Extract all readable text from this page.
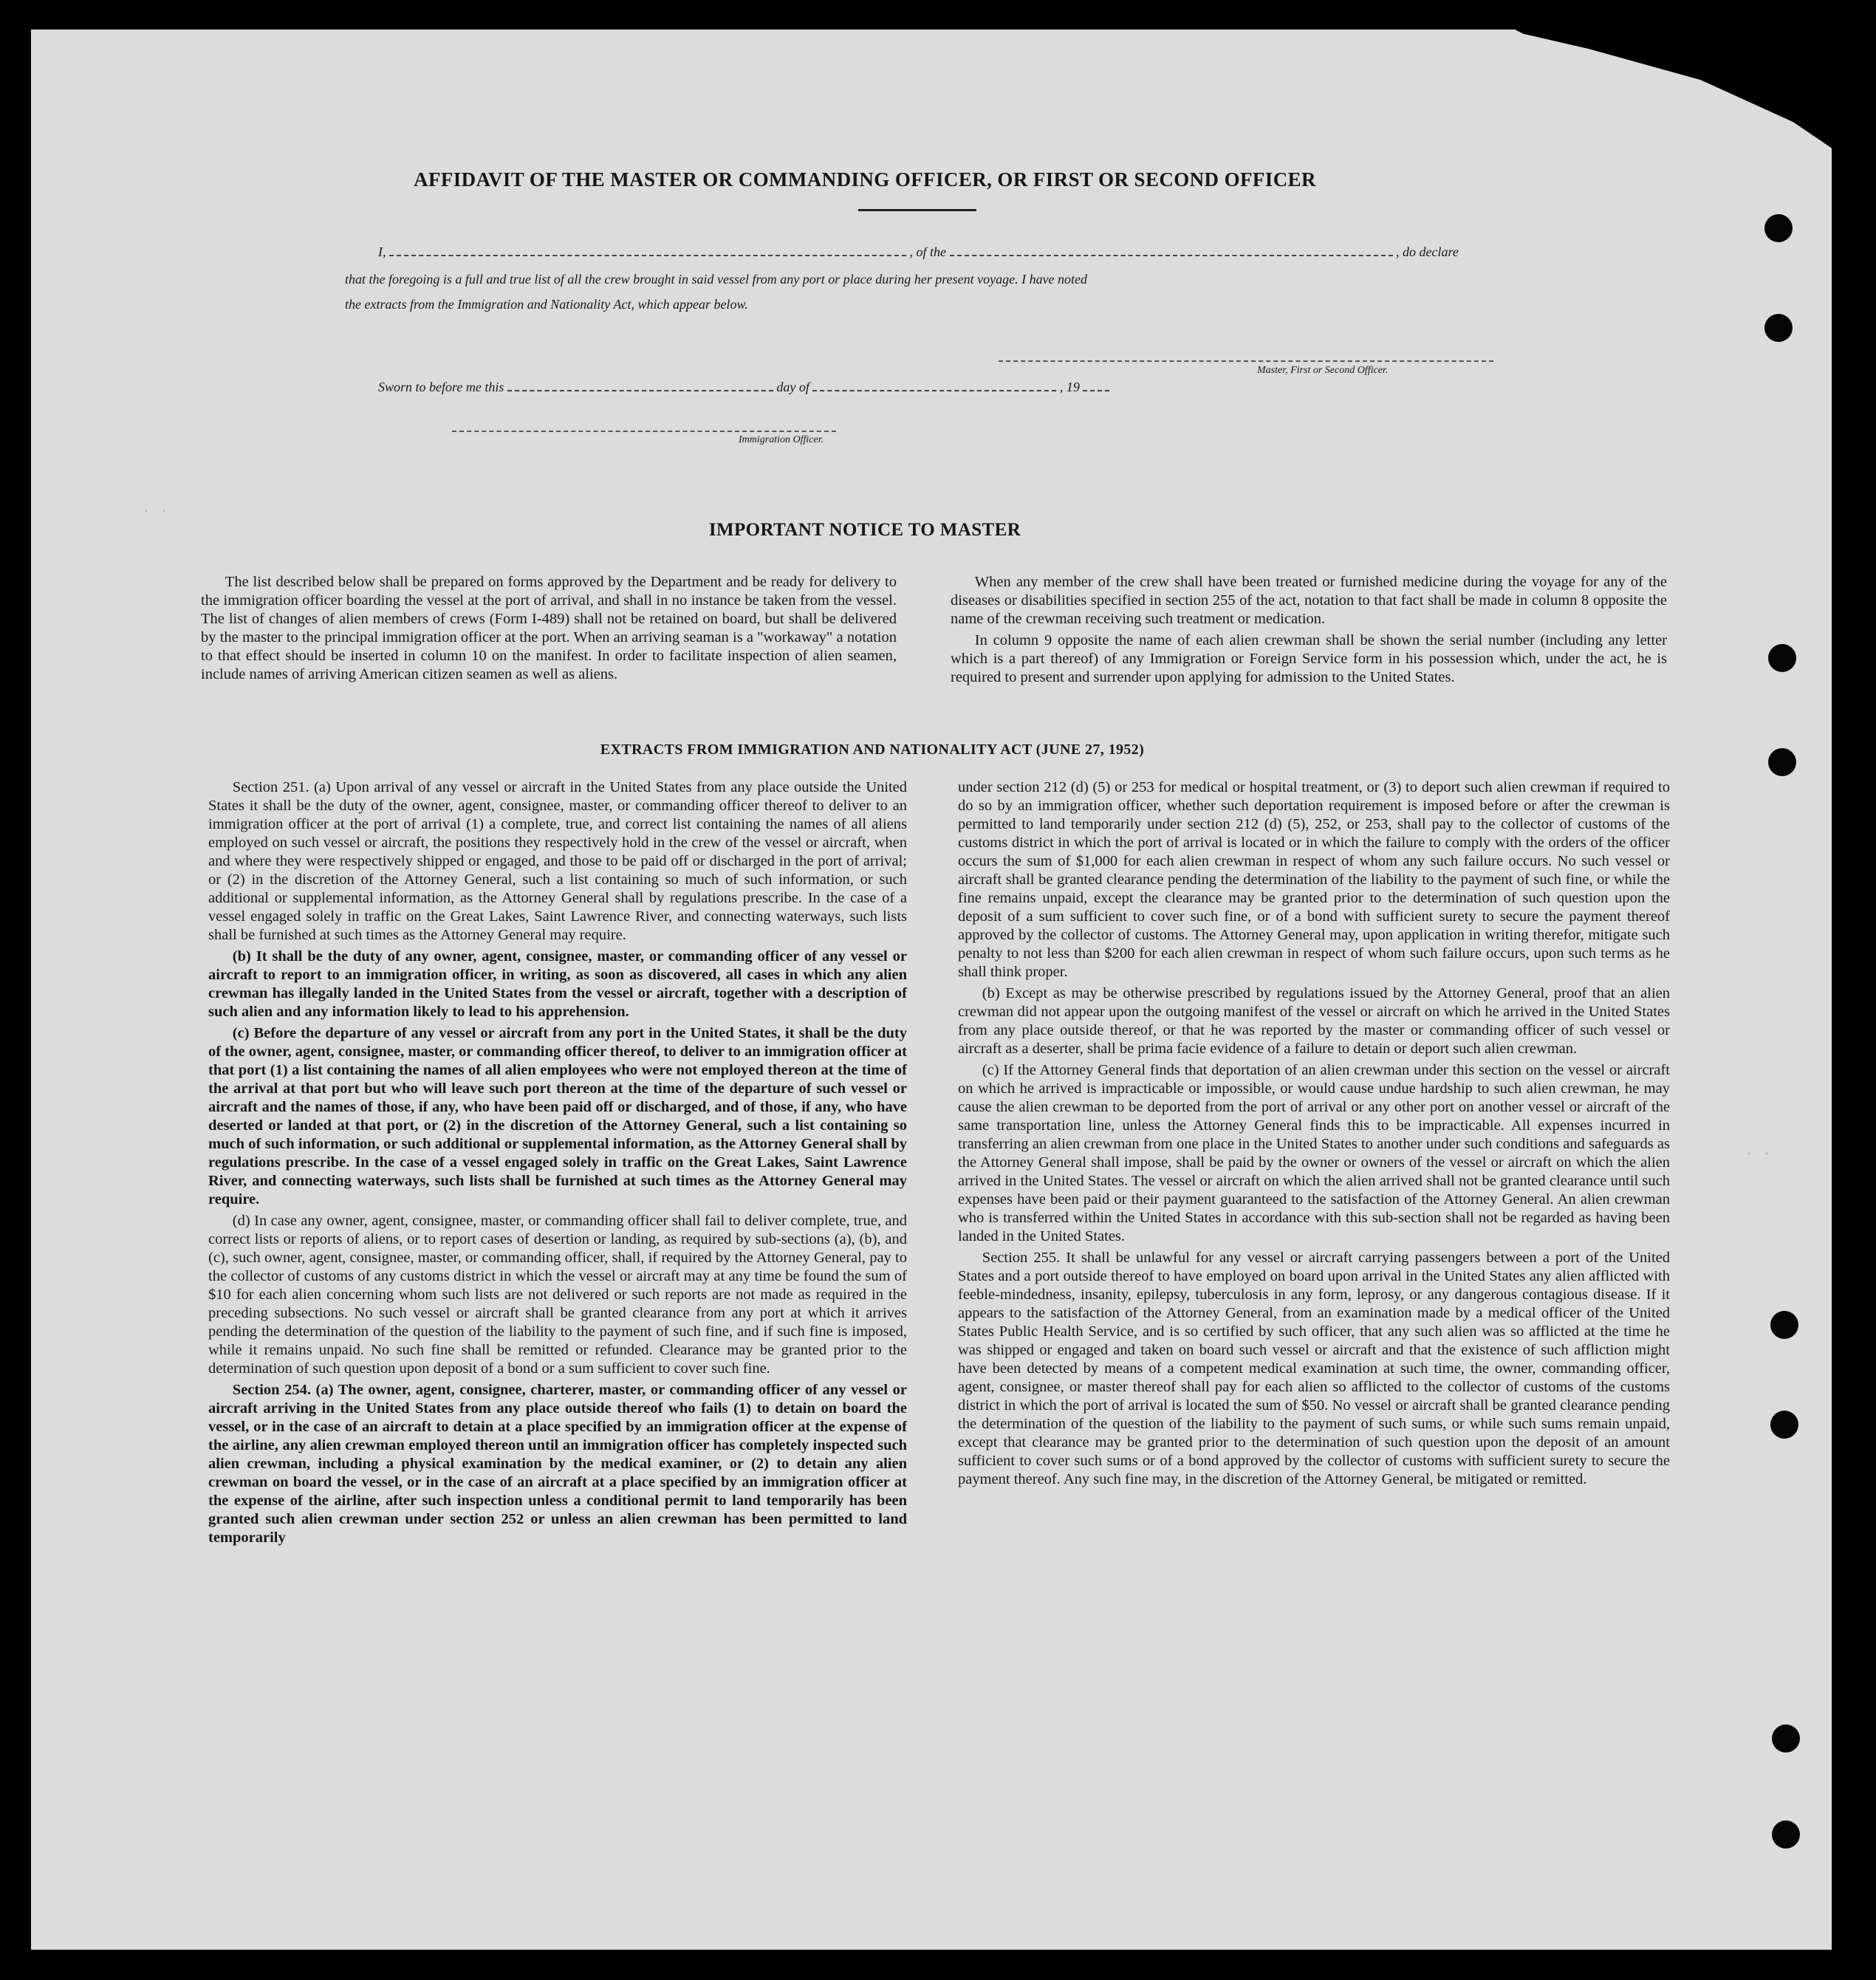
· ·
· ·
AFFIDAVIT OF THE MASTER OR COMMANDING OFFICER, OR FIRST OR SECOND OFFICER
I,	, of the	, do declare
that the foregoing is a full and true list of all the crew brought in said vessel from any port or place during her present voyage. I have noted
the extracts from the Immigration and Nationality Act, which appear below.
Master, First or Second Officer.
Sworn to before me this	day of	, 19
Immigration Officer.
IMPORTANT NOTICE TO MASTER

The list described below shall be prepared on forms approved by the Department and be ready for delivery to the immigration officer boarding the vessel at the port of arrival, and shall in no instance be taken from the vessel. The list of changes of alien members of crews (Form I-489) shall not be retained on board, but shall be delivered by the master to the principal immigration officer at the port. When an arriving seaman is a "workaway" a notation to that effect should be inserted in column 10 on the manifest. In order to facilitate inspection of alien seamen, include names of arriving American citizen seamen as well as aliens.

When any member of the crew shall have been treated or furnished medicine during the voyage for any of the diseases or disabilities specified in section 255 of the act, notation to that fact shall be made in column 8 opposite the name of the crewman receiving such treatment or medication.

In column 9 opposite the name of each alien crewman shall be shown the serial number (including any letter which is a part thereof) of any Immigration or Foreign Service form in his possession which, under the act, he is required to present and surrender upon applying for admission to the United States.

EXTRACTS FROM IMMIGRATION AND NATIONALITY ACT (JUNE 27, 1952)

Section 251. (a) Upon arrival of any vessel or aircraft in the United States from any place outside the United States it shall be the duty of the owner, agent, consignee, master, or commanding officer thereof to deliver to an immigration officer at the port of arrival (1) a complete, true, and correct list containing the names of all aliens employed on such vessel or aircraft, the positions they respectively hold in the crew of the vessel or aircraft, when and where they were respectively shipped or engaged, and those to be paid off or discharged in the port of arrival; or (2) in the discretion of the Attorney General, such a list containing so much of such information, or such additional or supplemental information, as the Attorney General shall by regulations prescribe. In the case of a vessel engaged solely in traffic on the Great Lakes, Saint Lawrence River, and connecting waterways, such lists shall be furnished at such times as the Attorney General may require.

(b) It shall be the duty of any owner, agent, consignee, master, or commanding officer of any vessel or aircraft to report to an immigration officer, in writing, as soon as discovered, all cases in which any alien crewman has illegally landed in the United States from the vessel or aircraft, together with a description of such alien and any information likely to lead to his apprehension.

(c) Before the departure of any vessel or aircraft from any port in the United States, it shall be the duty of the owner, agent, consignee, master, or commanding officer thereof, to deliver to an immigration officer at that port (1) a list containing the names of all alien employees who were not employed thereon at the time of the arrival at that port but who will leave such port thereon at the time of the departure of such vessel or aircraft and the names of those, if any, who have been paid off or discharged, and of those, if any, who have deserted or landed at that port, or (2) in the discretion of the Attorney General, such a list containing so much of such information, or such additional or supplemental information, as the Attorney General shall by regulations prescribe. In the case of a vessel engaged solely in traffic on the Great Lakes, Saint Lawrence River, and connecting waterways, such lists shall be furnished at such times as the Attorney General may require.

(d) In case any owner, agent, consignee, master, or commanding officer shall fail to deliver complete, true, and correct lists or reports of aliens, or to report cases of desertion or landing, as required by sub-sections (a), (b), and (c), such owner, agent, consignee, master, or commanding officer, shall, if required by the Attorney General, pay to the collector of customs of any customs district in which the vessel or aircraft may at any time be found the sum of $10 for each alien concerning whom such lists are not delivered or such reports are not made as required in the preceding subsections. No such vessel or aircraft shall be granted clearance from any port at which it arrives pending the determination of the question of the liability to the payment of such fine, and if such fine is imposed, while it remains unpaid. No such fine shall be remitted or refunded. Clearance may be granted prior to the determination of such question upon deposit of a bond or a sum sufficient to cover such fine.

Section 254. (a) The owner, agent, consignee, charterer, master, or commanding officer of any vessel or aircraft arriving in the United States from any place outside thereof who fails (1) to detain on board the vessel, or in the case of an aircraft to detain at a place specified by an immigration officer at the expense of the airline, any alien crewman employed thereon until an immigration officer has completely inspected such alien crewman, including a physical examination by the medical examiner, or (2) to detain any alien crewman on board the vessel, or in the case of an aircraft at a place specified by an immigration officer at the expense of the airline, after such inspection unless a conditional permit to land temporarily has been granted such alien crewman under section 252 or unless an alien crewman has been permitted to land temporarily

under section 212 (d) (5) or 253 for medical or hospital treatment, or (3) to deport such alien crewman if required to do so by an immigration officer, whether such deportation requirement is imposed before or after the crewman is permitted to land temporarily under section 212 (d) (5), 252, or 253, shall pay to the collector of customs of the customs district in which the port of arrival is located or in which the failure to comply with the orders of the officer occurs the sum of $1,000 for each alien crewman in respect of whom any such failure occurs. No such vessel or aircraft shall be granted clearance pending the determination of the liability to the payment of such fine, or while the fine remains unpaid, except the clearance may be granted prior to the determination of such question upon the deposit of a sum sufficient to cover such fine, or of a bond with sufficient surety to secure the payment thereof approved by the collector of customs. The Attorney General may, upon application in writing therefor, mitigate such penalty to not less than $200 for each alien crewman in respect of whom such failure occurs, upon such terms as he shall think proper.

(b) Except as may be otherwise prescribed by regulations issued by the Attorney General, proof that an alien crewman did not appear upon the outgoing manifest of the vessel or aircraft on which he arrived in the United States from any place outside thereof, or that he was reported by the master or commanding officer of such vessel or aircraft as a deserter, shall be prima facie evidence of a failure to detain or deport such alien crewman.

(c) If the Attorney General finds that deportation of an alien crewman under this section on the vessel or aircraft on which he arrived is impracticable or impossible, or would cause undue hardship to such alien crewman, he may cause the alien crewman to be deported from the port of arrival or any other port on another vessel or aircraft of the same transportation line, unless the Attorney General finds this to be impracticable. All expenses incurred in transferring an alien crewman from one place in the United States to another under such conditions and safeguards as the Attorney General shall impose, shall be paid by the owner or owners of the vessel or aircraft on which the alien arrived in the United States. The vessel or aircraft on which the alien arrived shall not be granted clearance until such expenses have been paid or their payment guaranteed to the satisfaction of the Attorney General. An alien crewman who is transferred within the United States in accordance with this sub-section shall not be regarded as having been landed in the United States.

Section 255. It shall be unlawful for any vessel or aircraft carrying passengers between a port of the United States and a port outside thereof to have employed on board upon arrival in the United States any alien afflicted with feeble-mindedness, insanity, epilepsy, tuberculosis in any form, leprosy, or any dangerous contagious disease. If it appears to the satisfaction of the Attorney General, from an examination made by a medical officer of the United States Public Health Service, and is so certified by such officer, that any such alien was so afflicted at the time he was shipped or engaged and taken on board such vessel or aircraft and that the existence of such affliction might have been detected by means of a competent medical examination at such time, the owner, commanding officer, agent, consignee, or master thereof shall pay for each alien so afflicted to the collector of customs of the customs district in which the port of arrival is located the sum of $50. No vessel or aircraft shall be granted clearance pending the determination of the question of the liability to the payment of such sums, or while such sums remain unpaid, except that clearance may be granted prior to the determination of such question upon the deposit of an amount sufficient to cover such sums or of a bond approved by the collector of customs with sufficient surety to secure the payment thereof. Any such fine may, in the discretion of the Attorney General, be mitigated or remitted.
